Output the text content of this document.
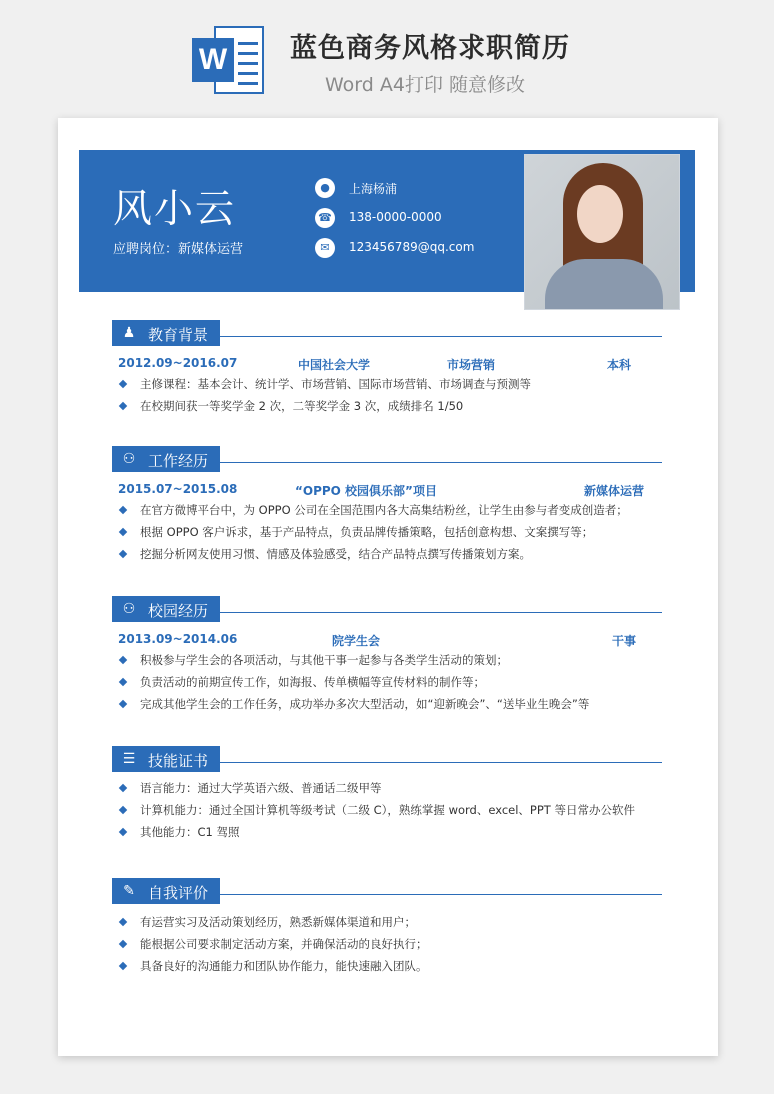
W 蓝色商务风格求职简历
Word A4打印 随意修改
风小云
应聘岗位：新媒体运营
●	上海杨浦
☎ 138-0000-0000
✉	123456789@qq.com
♟ 教育背景
2012.09~2016.07	中国社会大学	市场营销	本科
主修课程：基本会计、统计学、市场营销、国际市场营销、市场调查与预测等
在校期间获一等奖学金 2 次，二等奖学金 3 次，成绩排名 1/50
⚇ 工作经历
2015.07~2015.08	“OPPO 校园俱乐部”项目	新媒体运营
在官方微博平台中，为 OPPO 公司在全国范围内各大高集结粉丝，让学生由参与者变成创造者；
根据 OPPO 客户诉求，基于产品特点，负责品牌传播策略，包括创意构想、文案撰写等；
挖掘分析网友使用习惯、情感及体验感受，结合产品特点撰写传播策划方案。
⚇ 校园经历
2013.09~2014.06	院学生会	干事
积极参与学生会的各项活动，与其他干事一起参与各类学生活动的策划；
负责活动的前期宣传工作，如海报、传单横幅等宣传材料的制作等；
完成其他学生会的工作任务，成功举办多次大型活动，如“迎新晚会”、“送毕业生晚会”等
☰ 技能证书
语言能力：通过大学英语六级、普通话二级甲等
计算机能力：通过全国计算机等级考试（二级 C），熟练掌握 word、excel、PPT 等日常办公软件
其他能力：C1 驾照
✎ 自我评价
有运营实习及活动策划经历，熟悉新媒体渠道和用户；
能根据公司要求制定活动方案，并确保活动的良好执行；
具备良好的沟通能力和团队协作能力，能快速融入团队。
